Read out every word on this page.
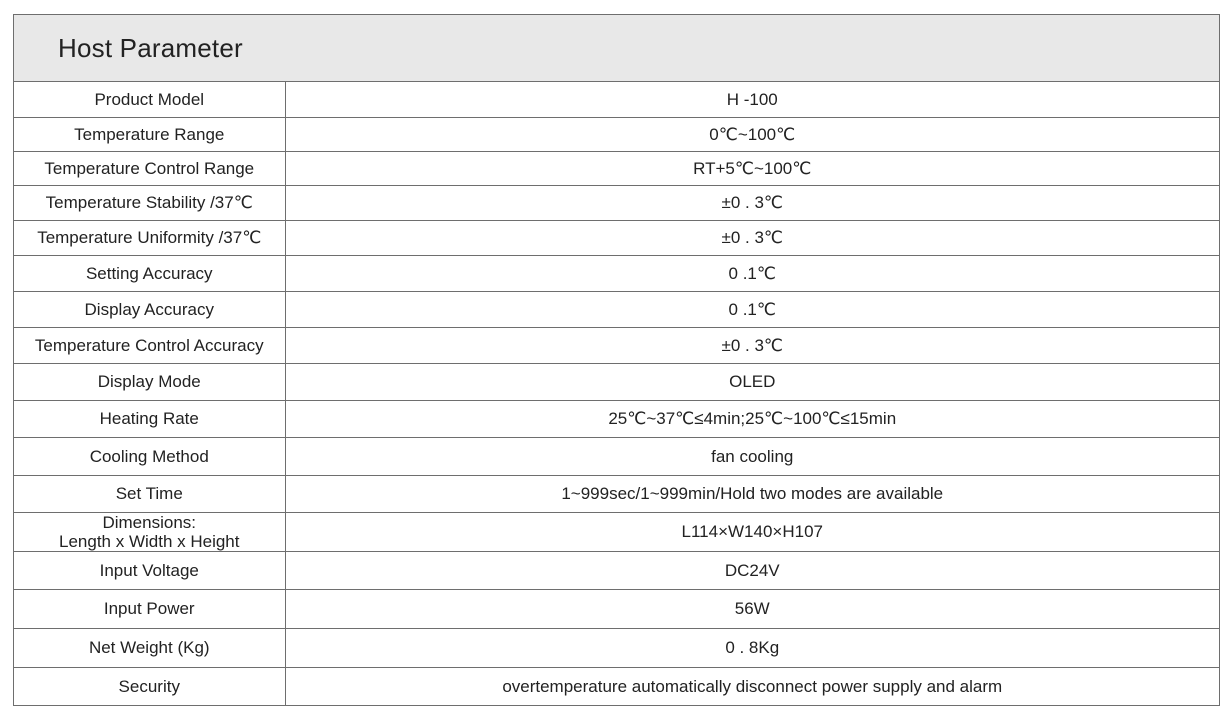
Host Parameter
Product Model	H -100
Temperature Range	0℃~100℃
Temperature Control Range	RT+5℃~100℃
Temperature Stability /37℃	±0 . 3℃
Temperature Uniformity /37℃	±0 . 3℃
Setting Accuracy	0 .1℃
Display Accuracy	0 .1℃
Temperature Control Accuracy	±0 . 3℃
Display Mode	OLED
Heating Rate	25℃~37℃≤4min;25℃~100℃≤15min
Cooling Method	fan cooling
Set Time	1~999sec/1~999min/Hold two modes are available

Dimensions:
Length x Width x Height	L114×W140×H107
Input Voltage	DC24V
Input Power	56W
Net Weight (Kg)	0 . 8Kg
Security	overtemperature automatically disconnect power supply and alarm
